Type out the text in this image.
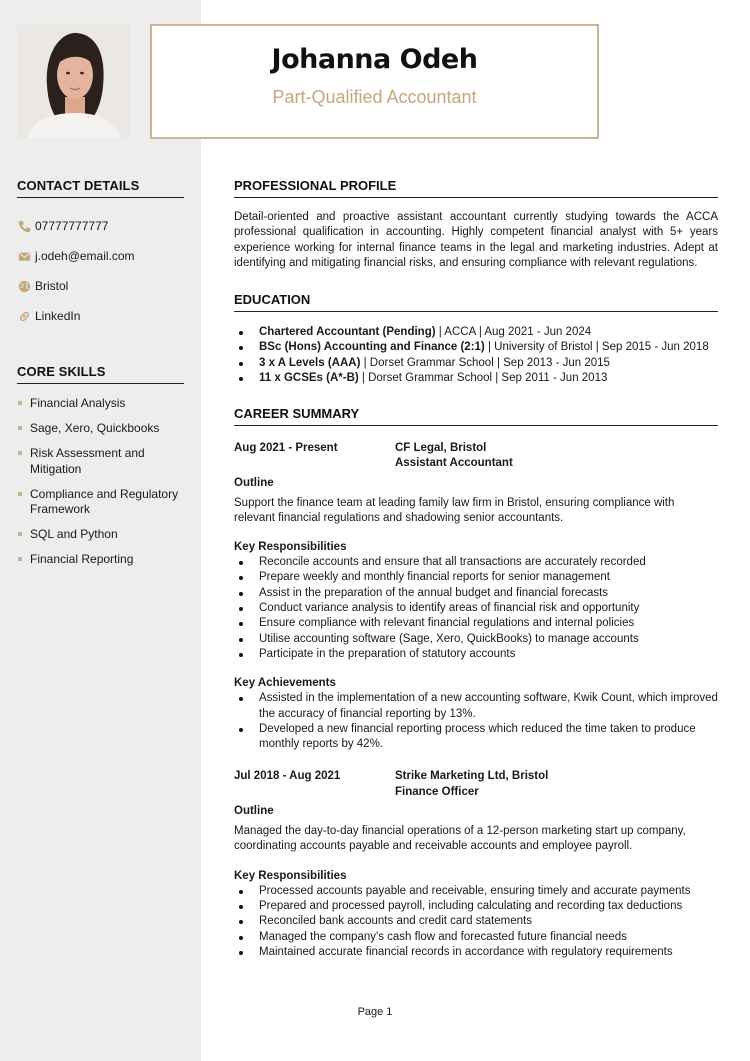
Johanna Odeh
Part-Qualified Accountant
CONTACT DETAILS
07777777777
j.odeh@email.com
Bristol
LinkedIn
CORE SKILLS
Financial Analysis
Sage, Xero, Quickbooks
Risk Assessment and Mitigation
Compliance and Regulatory Framework
SQL and Python
Financial Reporting
PROFESSIONAL PROFILE

Detail-oriented and proactive assistant accountant currently studying towards the ACCA professional qualification in accounting. Highly competent financial analyst with 5+ years experience working for internal finance teams in the legal and marketing industries. Adept at identifying and mitigating financial risks, and ensuring compliance with relevant regulations.

EDUCATION
Chartered Accountant (Pending) | ACCA | Aug 2021 - Jun 2024
BSc (Hons) Accounting and Finance (2:1) | University of Bristol | Sep 2015 - Jun 2018
3 x A Levels (AAA) | Dorset Grammar School | Sep 2013 - Jun 2015
11 x GCSEs (A*-B) | Dorset Grammar School | Sep 2011 - Jun 2013
CAREER SUMMARY
Aug 2021 - Present	CF Legal, Bristol
Assistant Accountant
Outline

Support the finance team at leading family law firm in Bristol, ensuring compliance with relevant financial regulations and shadowing senior accountants.

Key Responsibilities
Reconcile accounts and ensure that all transactions are accurately recorded
Prepare weekly and monthly financial reports for senior management
Assist in the preparation of the annual budget and financial forecasts
Conduct variance analysis to identify areas of financial risk and opportunity
Ensure compliance with relevant financial regulations and internal policies
Utilise accounting software (Sage, Xero, QuickBooks) to manage accounts
Participate in the preparation of statutory accounts
Key Achievements
Assisted in the implementation of a new accounting software, Kwik Count, which improved the accuracy of financial reporting by 13%.
Developed a new financial reporting process which reduced the time taken to produce monthly reports by 42%.
Jul 2018 - Aug 2021	Strike Marketing Ltd, Bristol
Finance Officer
Outline

Managed the day-to-day financial operations of a 12-person marketing start up company, coordinating accounts payable and receivable accounts and employee payroll.

Key Responsibilities
Processed accounts payable and receivable, ensuring timely and accurate payments
Prepared and processed payroll, including calculating and recording tax deductions
Reconciled bank accounts and credit card statements
Managed the company's cash flow and forecasted future financial needs
Maintained accurate financial records in accordance with regulatory requirements
Page 1
